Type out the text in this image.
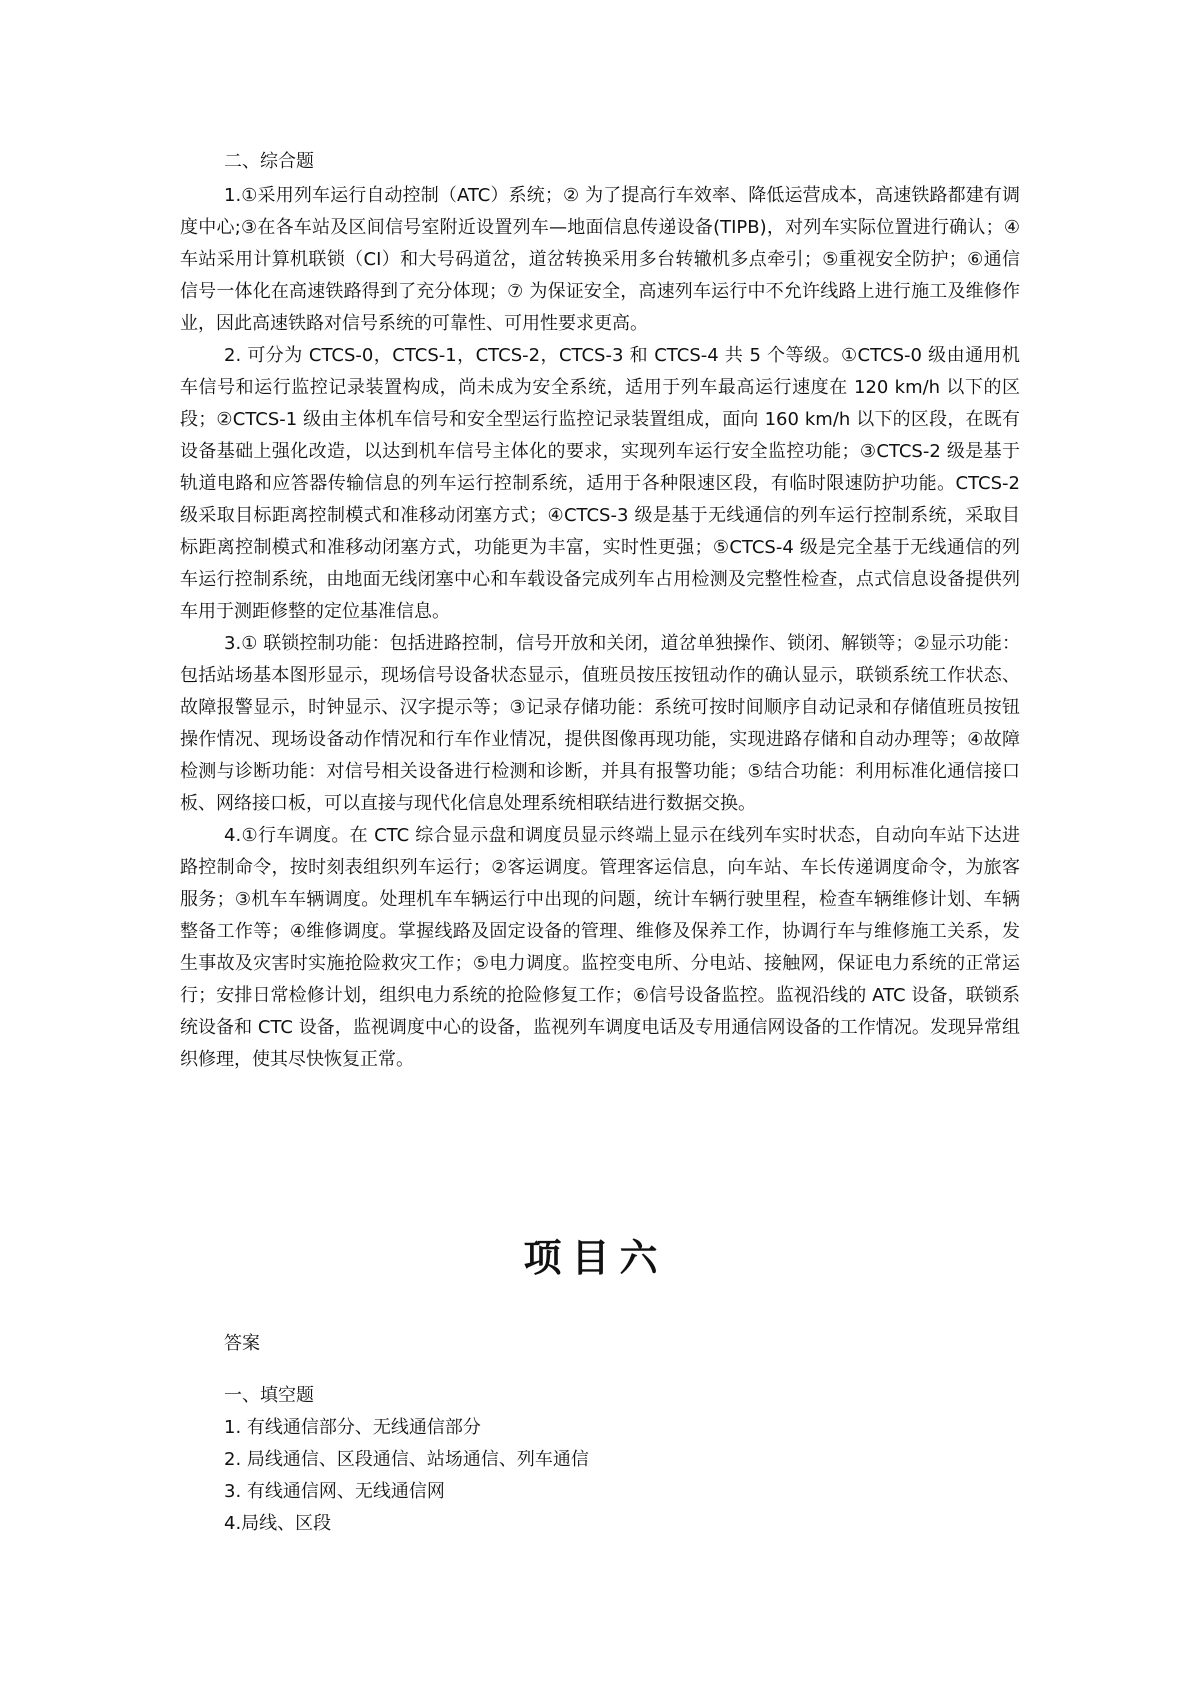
二、综合题

1.①采用列车运行自动控制（ATC）系统；② 为了提高行车效率、降低运营成本，高速铁路都建有调度中心;③在各车站及区间信号室附近设置列车—地面信息传递设备(TIPB)，对列车实际位置进行确认；④车站采用计算机联锁（CI）和大号码道岔，道岔转换采用多台转辙机多点牵引；⑤重视安全防护；⑥通信信号一体化在高速铁路得到了充分体现；⑦ 为保证安全，高速列车运行中不允许线路上进行施工及维修作业，因此高速铁路对信号系统的可靠性、可用性要求更高。

2. 可分为 CTCS-0，CTCS-1，CTCS-2，CTCS-3 和 CTCS-4 共 5 个等级。①CTCS-0 级由通用机车信号和运行监控记录装置构成，尚未成为安全系统，适用于列车最高运行速度在 120 km/h 以下的区段；②CTCS-1 级由主体机车信号和安全型运行监控记录装置组成，面向 160 km/h 以下的区段，在既有设备基础上强化改造，以达到机车信号主体化的要求，实现列车运行安全监控功能；③CTCS-2 级是基于轨道电路和应答器传输信息的列车运行控制系统，适用于各种限速区段，有临时限速防护功能。CTCS-2 级采取目标距离控制模式和准移动闭塞方式；④CTCS-3 级是基于无线通信的列车运行控制系统，采取目标距离控制模式和准移动闭塞方式，功能更为丰富，实时性更强；⑤CTCS-4 级是完全基于无线通信的列车运行控制系统，由地面无线闭塞中心和车载设备完成列车占用检测及完整性检查，点式信息设备提供列车用于测距修整的定位基准信息。

3.① 联锁控制功能：包括进路控制，信号开放和关闭，道岔单独操作、锁闭、解锁等；②显示功能：包括站场基本图形显示，现场信号设备状态显示，值班员按压按钮动作的确认显示，联锁系统工作状态、故障报警显示，时钟显示、汉字提示等；③记录存储功能：系统可按时间顺序自动记录和存储值班员按钮操作情况、现场设备动作情况和行车作业情况，提供图像再现功能，实现进路存储和自动办理等；④故障检测与诊断功能：对信号相关设备进行检测和诊断，并具有报警功能；⑤结合功能：利用标准化通信接口板、网络接口板，可以直接与现代化信息处理系统相联结进行数据交换。

4.①行车调度。在 CTC 综合显示盘和调度员显示终端上显示在线列车实时状态，自动向车站下达进路控制命令，按时刻表组织列车运行；②客运调度。管理客运信息，向车站、车长传递调度命令，为旅客服务；③机车车辆调度。处理机车车辆运行中出现的问题，统计车辆行驶里程，检查车辆维修计划、车辆整备工作等；④维修调度。掌握线路及固定设备的管理、维修及保养工作，协调行车与维修施工关系，发生事故及灾害时实施抢险救灾工作；⑤电力调度。监控变电所、分电站、接触网，保证电力系统的正常运行；安排日常检修计划，组织电力系统的抢险修复工作；⑥信号设备监控。监视沿线的 ATC 设备，联锁系统设备和 CTC 设备，监视调度中心的设备，监视列车调度电话及专用通信网设备的工作情况。发现异常组织修理，使其尽快恢复正常。

项目六

答案

一、填空题

1. 有线通信部分、无线通信部分
2. 局线通信、区段通信、站场通信、列车通信
3. 有线通信网、无线通信网
4.局线、区段
